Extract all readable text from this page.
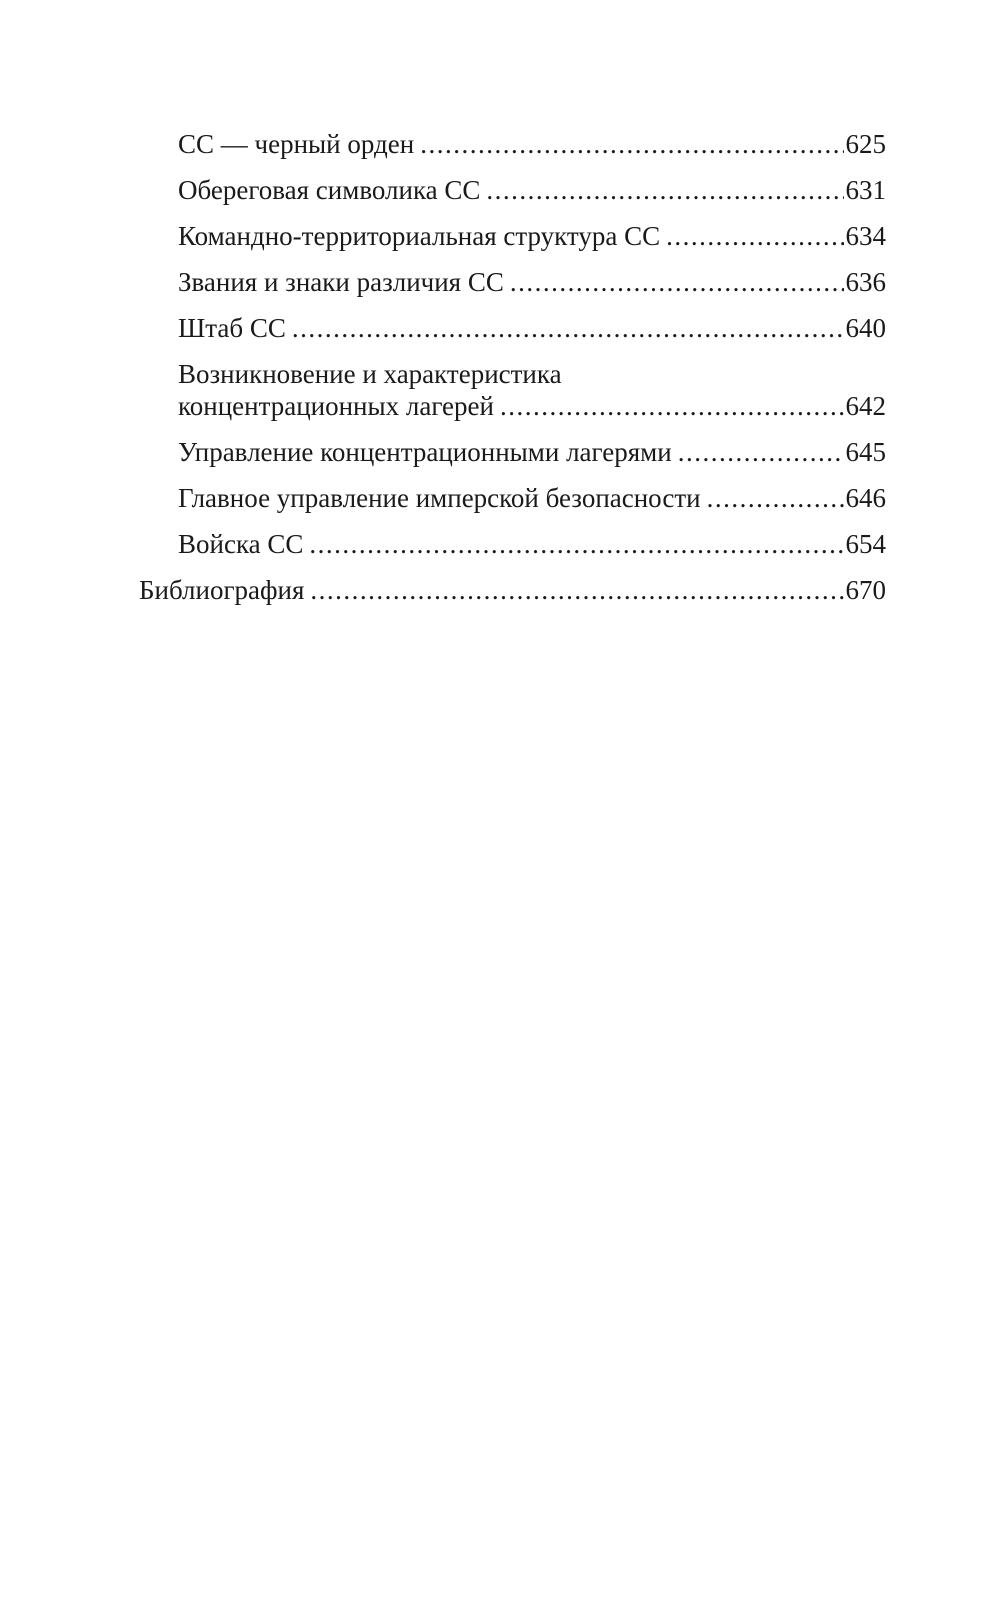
СС — черный орден .....	625
Обереговая символика СС .....	631
Командно-территориальная структура СС .....	634
Звания и знаки различия СС .....	636
Штаб СС .....	640
Возникновение и характеристика
концентрационных лагерей .....	642
Управление концентрационными лагерями .....	645
Главное управление имперской безопасности .....	646
Войска СС .....	654
Библиография .....	670
